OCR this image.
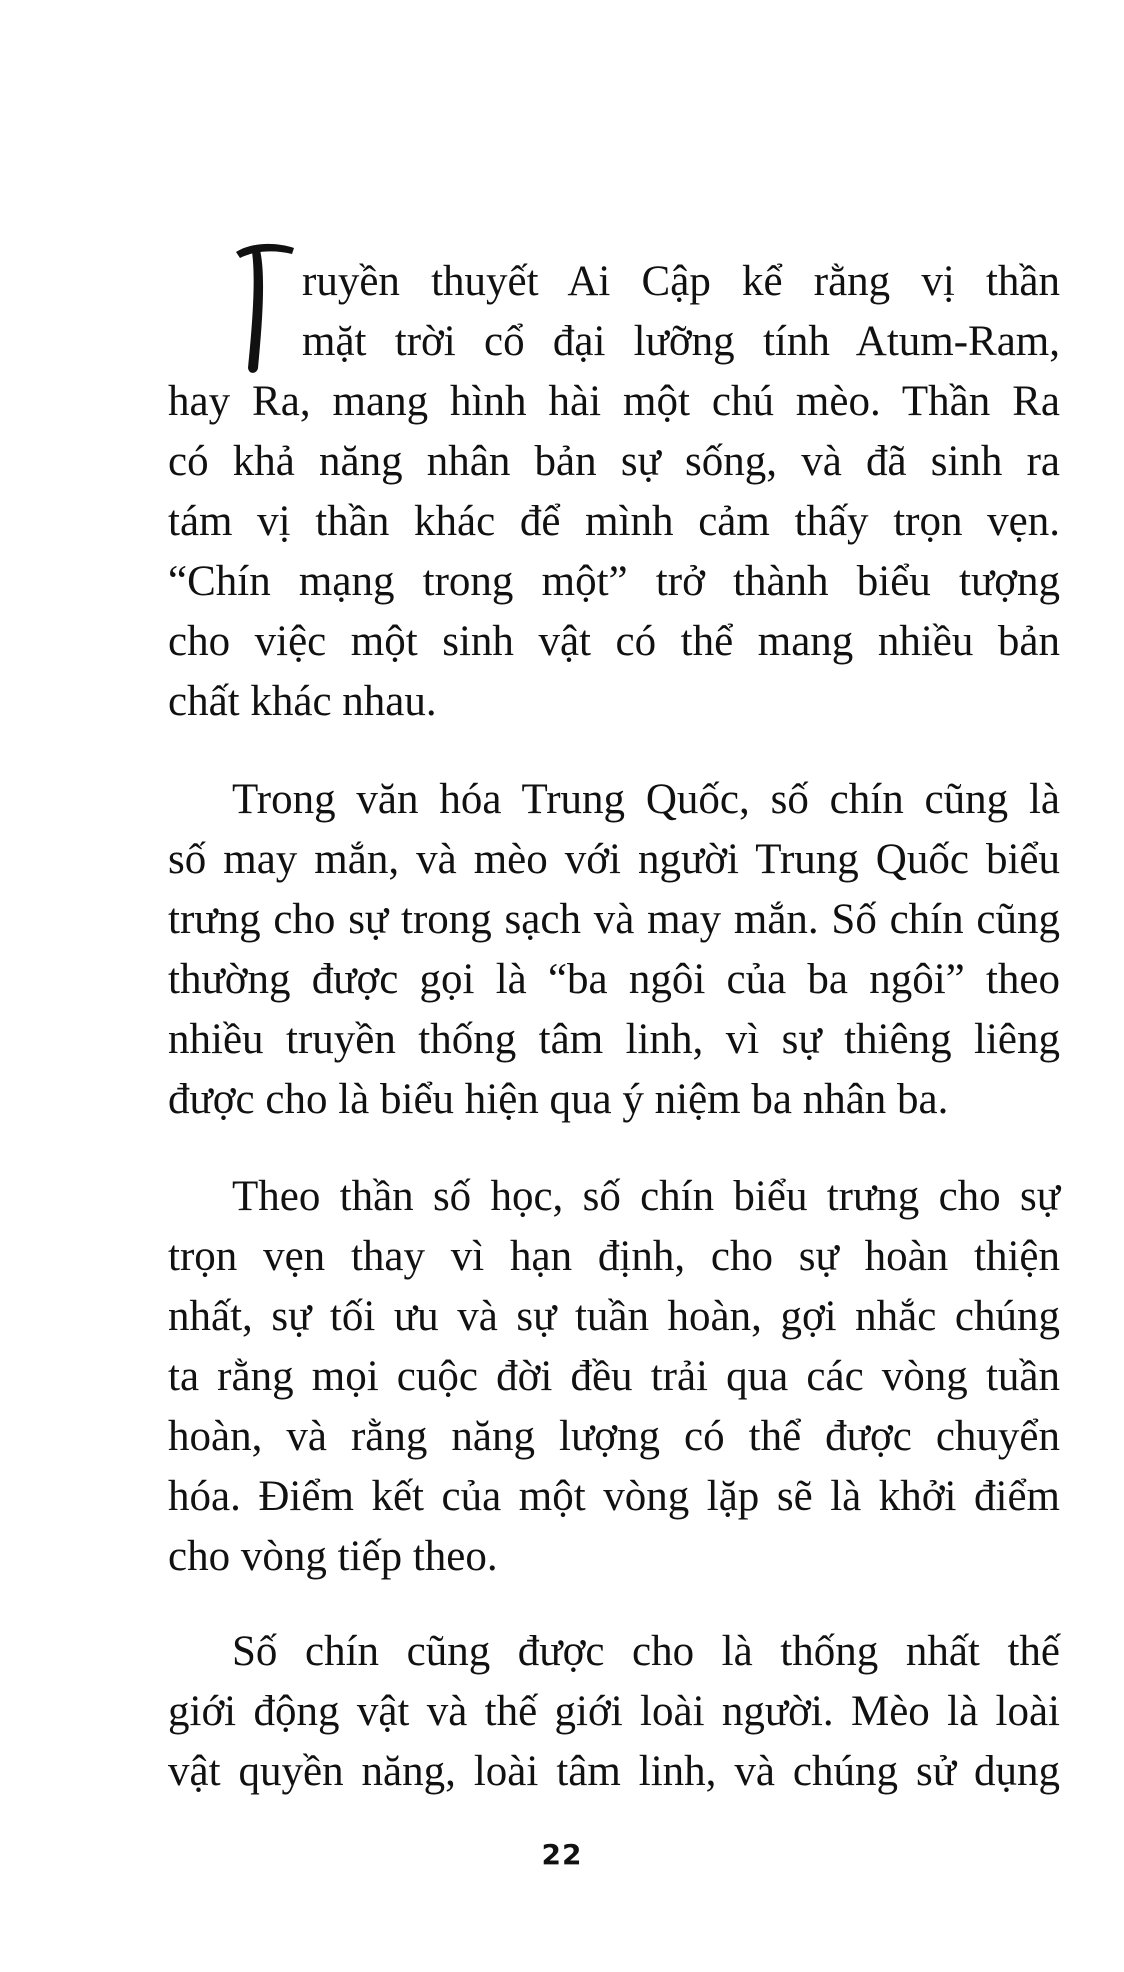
ruyền thuyết Ai Cập kể rằng vị thần
mặt trời cổ đại lưỡng tính Atum-Ram,
hay Ra, mang hình hài một chú mèo. Thần Ra
có khả năng nhân bản sự sống, và đã sinh ra
tám vị thần khác để mình cảm thấy trọn vẹn.
“Chín mạng trong một” trở thành biểu tượng
cho việc một sinh vật có thể mang nhiều bản
chất khác nhau.
Trong văn hóa Trung Quốc, số chín cũng là
số may mắn, và mèo với người Trung Quốc biểu
trưng cho sự trong sạch và may mắn. Số chín cũng
thường được gọi là “ba ngôi của ba ngôi” theo
nhiều truyền thống tâm linh, vì sự thiêng liêng
được cho là biểu hiện qua ý niệm ba nhân ba.
Theo thần số học, số chín biểu trưng cho sự
trọn vẹn thay vì hạn định, cho sự hoàn thiện
nhất, sự tối ưu và sự tuần hoàn, gợi nhắc chúng
ta rằng mọi cuộc đời đều trải qua các vòng tuần
hoàn, và rằng năng lượng có thể được chuyển
hóa. Điểm kết của một vòng lặp sẽ là khởi điểm
cho vòng tiếp theo.
Số chín cũng được cho là thống nhất thế
giới động vật và thế giới loài người. Mèo là loài
vật quyền năng, loài tâm linh, và chúng sử dụng
22
